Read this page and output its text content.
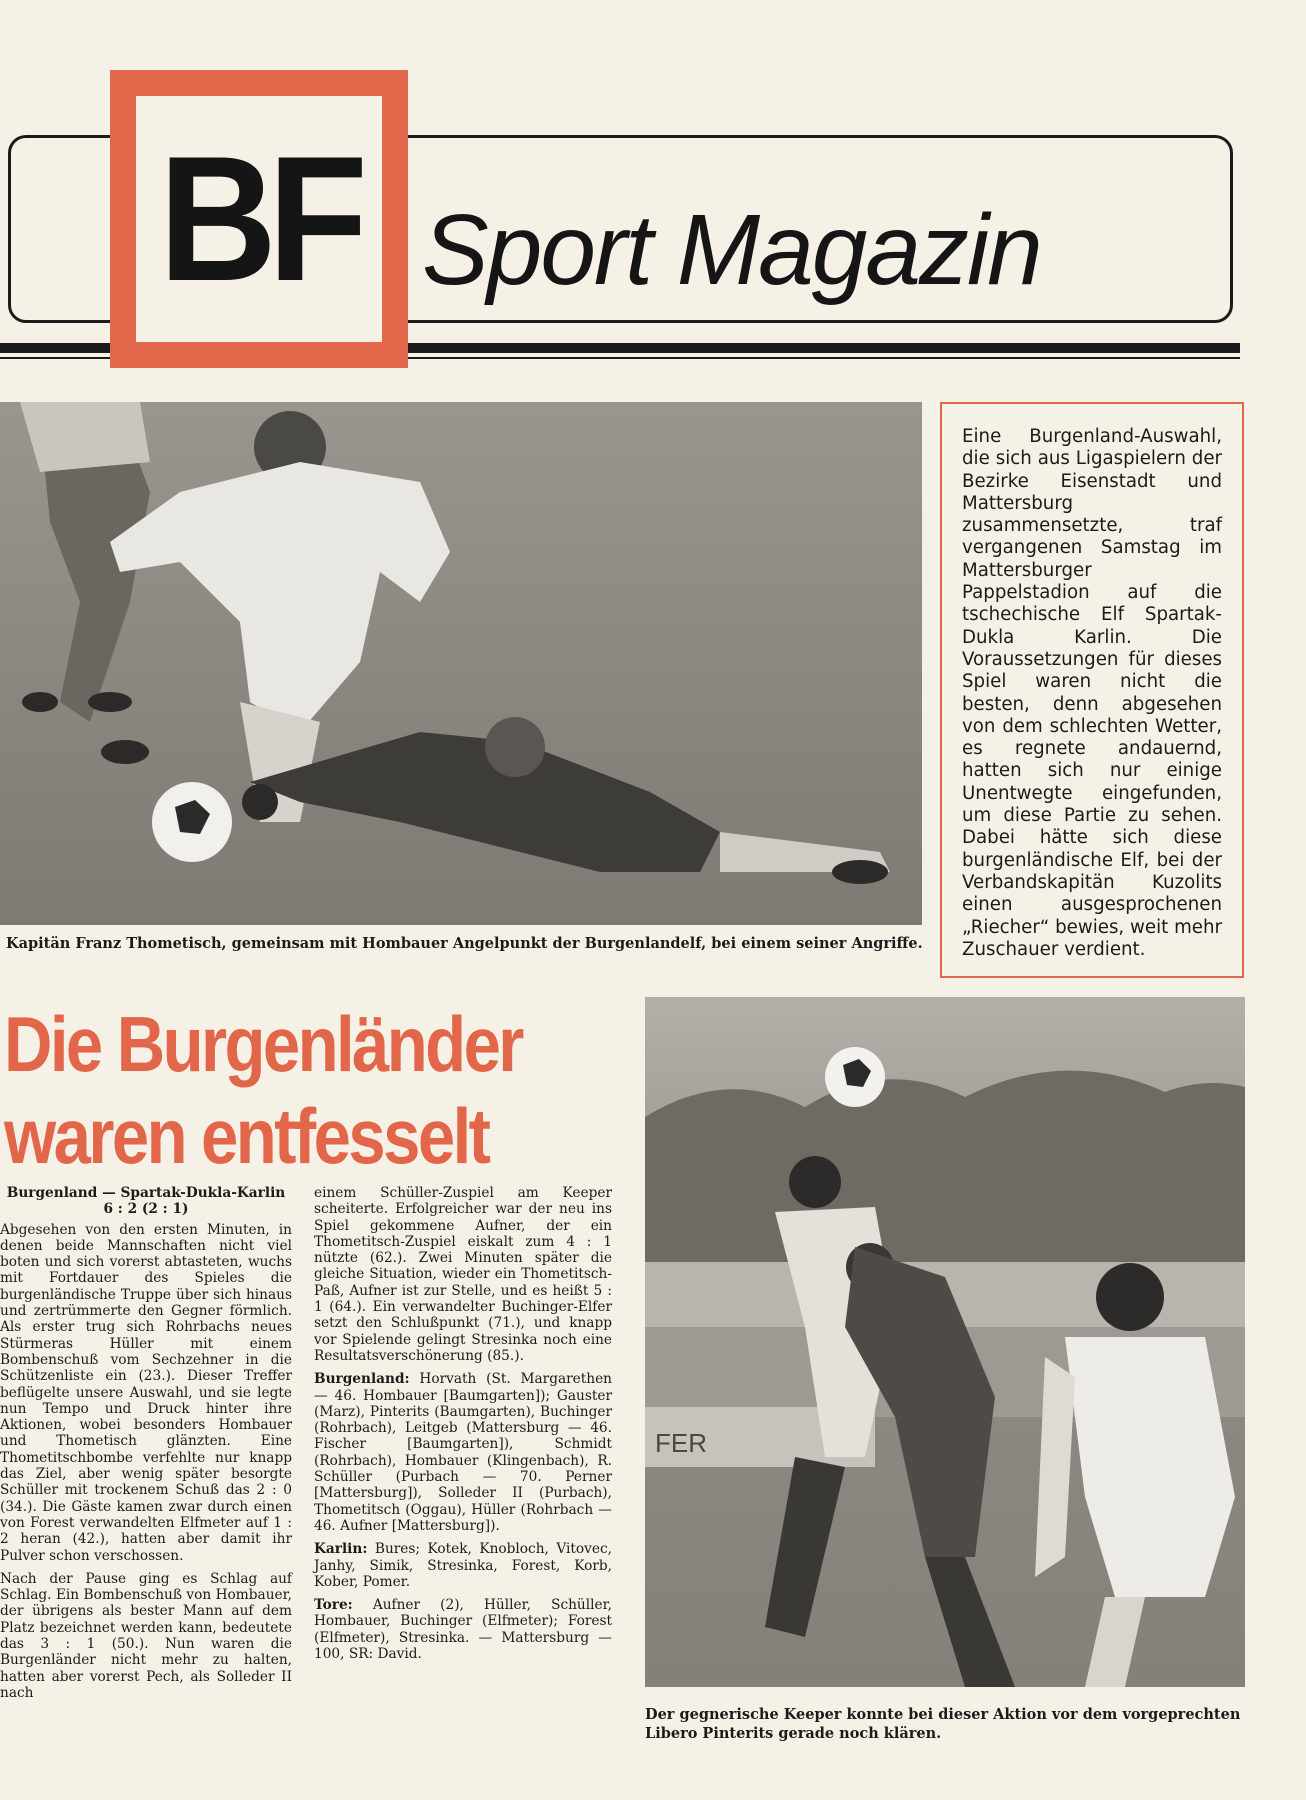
BF Sport Magazin
Kapitän Franz Thometisch, gemeinsam mit Hombauer Angelpunkt der Burgenlandelf, bei einem seiner Angriffe.
Eine Burgenland-Auswahl, die sich aus Ligaspielern der Bezirke Eisenstadt und Mattersburg zusammensetzte, traf vergangenen Samstag im Mattersburger Pappelstadion auf die tschechische Elf Spartak-Dukla Karlin. Die Voraussetzungen für dieses Spiel waren nicht die besten, denn abgesehen von dem schlechten Wetter, es regnete andauernd, hatten sich nur einige Unentwegte eingefunden, um diese Partie zu sehen. Dabei hätte sich diese burgenländische Elf, bei der Verbandskapitän Kuzolits einen ausgesprochenen „Riecher“ bewies, weit mehr Zuschauer verdient.
Die Burgenländer
waren entfesselt

Burgenland — Spartak-Dukla-Karlin 6 : 2 (2 : 1)

Abgesehen von den ersten Minuten, in denen beide Mannschaften nicht viel boten und sich vorerst abtasteten, wuchs mit Fortdauer des Spieles die burgenländische Truppe über sich hinaus und zertrümmerte den Gegner förmlich. Als erster trug sich Rohrbachs neues Stürmeras Hüller mit einem Bombenschuß vom Sechzehner in die Schützenliste ein (23.). Dieser Treffer beflügelte unsere Auswahl, und sie legte nun Tempo und Druck hinter ihre Aktionen, wobei besonders Hombauer und Thometisch glänzten. Eine Thometitschbombe verfehlte nur knapp das Ziel, aber wenig später besorgte Schüller mit trockenem Schuß das 2 : 0 (34.). Die Gäste kamen zwar durch einen von Forest verwandelten Elfmeter auf 1 : 2 heran (42.), hatten aber damit ihr Pulver schon verschossen.

Nach der Pause ging es Schlag auf Schlag. Ein Bombenschuß von Hombauer, der übrigens als bester Mann auf dem Platz bezeichnet werden kann, bedeutete das 3 : 1 (50.). Nun waren die Burgenländer nicht mehr zu halten, hatten aber vorerst Pech, als Solleder II nach

einem Schüller-Zuspiel am Keeper scheiterte. Erfolgreicher war der neu ins Spiel gekommene Aufner, der ein Thometitsch-Zuspiel eiskalt zum 4 : 1 nützte (62.). Zwei Minuten später die gleiche Situation, wieder ein Thometitsch-Paß, Aufner ist zur Stelle, und es heißt 5 : 1 (64.). Ein verwandelter Buchinger-Elfer setzt den Schlußpunkt (71.), und knapp vor Spielende gelingt Stresinka noch eine Resultatsverschönerung (85.).

Burgenland: Horvath (St. Margarethen — 46. Hombauer [Baumgarten]); Gauster (Marz), Pinterits (Baumgarten), Buchinger (Rohrbach), Leitgeb (Mattersburg — 46. Fischer [Baumgarten]), Schmidt (Rohrbach), Hombauer (Klingenbach), R. Schüller (Purbach — 70. Perner [Mattersburg]), Solleder II (Purbach), Thometitsch (Oggau), Hüller (Rohrbach — 46. Aufner [Mattersburg]).

Karlin: Bures; Kotek, Knobloch, Vitovec, Janhy, Simik, Stresinka, Forest, Korb, Kober, Pomer.

Tore: Aufner (2), Hüller, Schüller, Hombauer, Buchinger (Elfmeter); Forest (Elfmeter), Stresinka. — Mattersburg — 100, SR: David.

FER
Der gegnerische Keeper konnte bei dieser Aktion vor dem vorgeprechten Libero Pinterits gerade noch klären.
